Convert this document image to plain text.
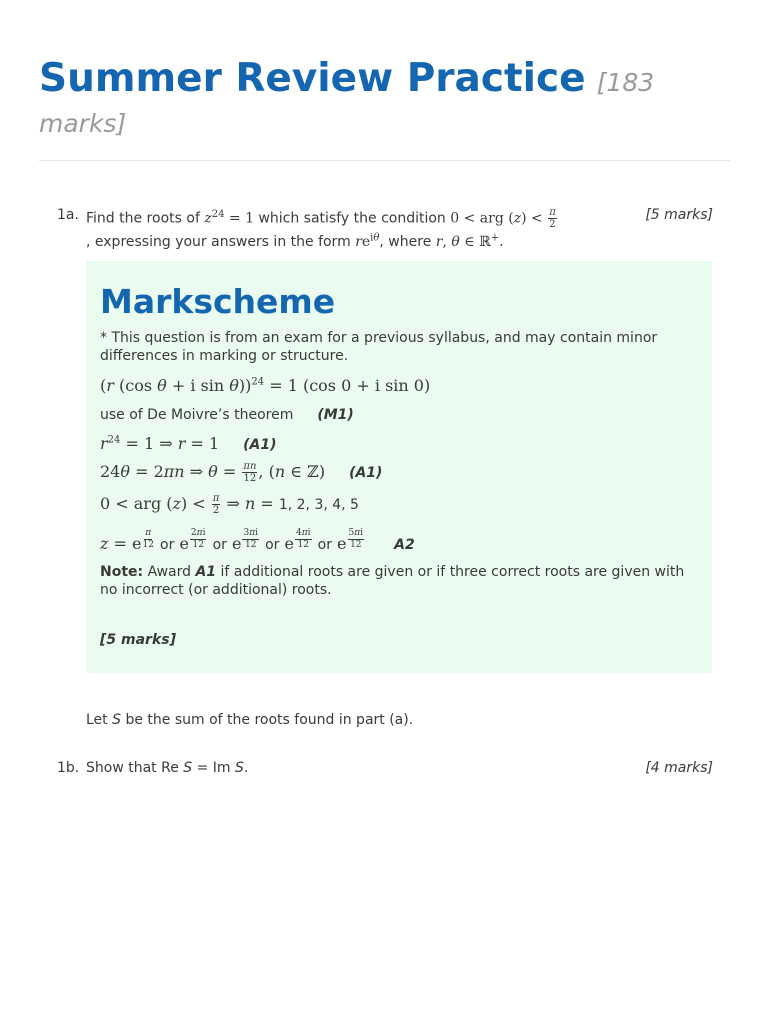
Summer Review Practice [183 marks]
1a.	[5 marks]
Find the roots of $z^{24} = 1$ which satisfy the condition 0 < arg $(z) < \frac{\pi}{2}$
, expressing your answers in the form $re^{i\theta}$, where r, θ ∈ ℝ+.
Markscheme
* This question is from an exam for a previous syllabus, and may contain minor differences in marking or structure.
(r (cos θ + i sin θ))$^{24}$ = 1 (cos 0 + i sin 0)
use of De Moivre’s theorem (M1)
$r^{24} = 1$ ⇒ r = 1 (A1)
24θ = 2πn ⇒ $\theta = \frac{\pi n}{12}$ , (n ∈ ℤ) (A1)
0 < arg $(z) < \frac{\pi}{2}$ ⇒ n = 1, 2, 3, 4, 5
z = e $^{\frac{\pi}{12}}$ or e $^{\frac{2\pi i}{12}}$ or e $^{\frac{3\pi i}{12}}$ or e $^{\frac{4\pi i}{12}}$ or e $^{\frac{5\pi i}{12}}$ A2
Note: Award A1 if additional roots are given or if three correct roots are given with no incorrect (or additional) roots.
[5 marks]
Let S be the sum of the roots found in part (a).
1b. Show that Re S = Im S.	[4 marks]
